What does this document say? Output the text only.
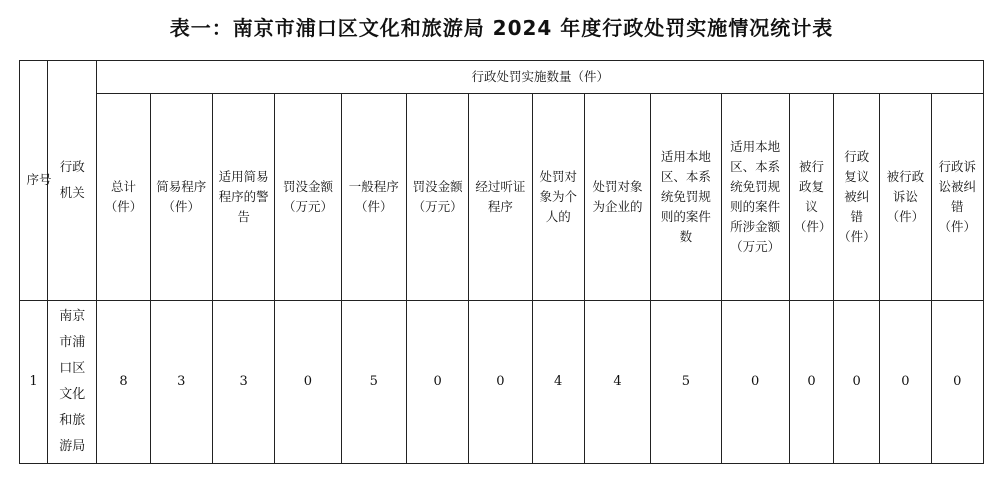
表一：南京市浦口区文化和旅游局 2024 年度行政处罚实施情况统计表
序号	行政机关	行政处罚实施数量（件）														
		总计（件）	简易程序（件）	适用简易程序的警告	罚没金额（万元）	一般程序（件）	罚没金额（万元）	经过听证程序	处罚对象为个人的	处罚对象为企业的	适用本地区、本系统免罚规则的案件数	适用本地区、本系统免罚规则的案件所涉金额（万元）	被行政复议（件）	行政复议被纠错（件）	被行政诉讼（件）	行政诉讼被纠错（件）
1	南京市浦口区文化和旅游局	8	3	3	0	5	0	0	4	4	5	0	0	0	0	0
